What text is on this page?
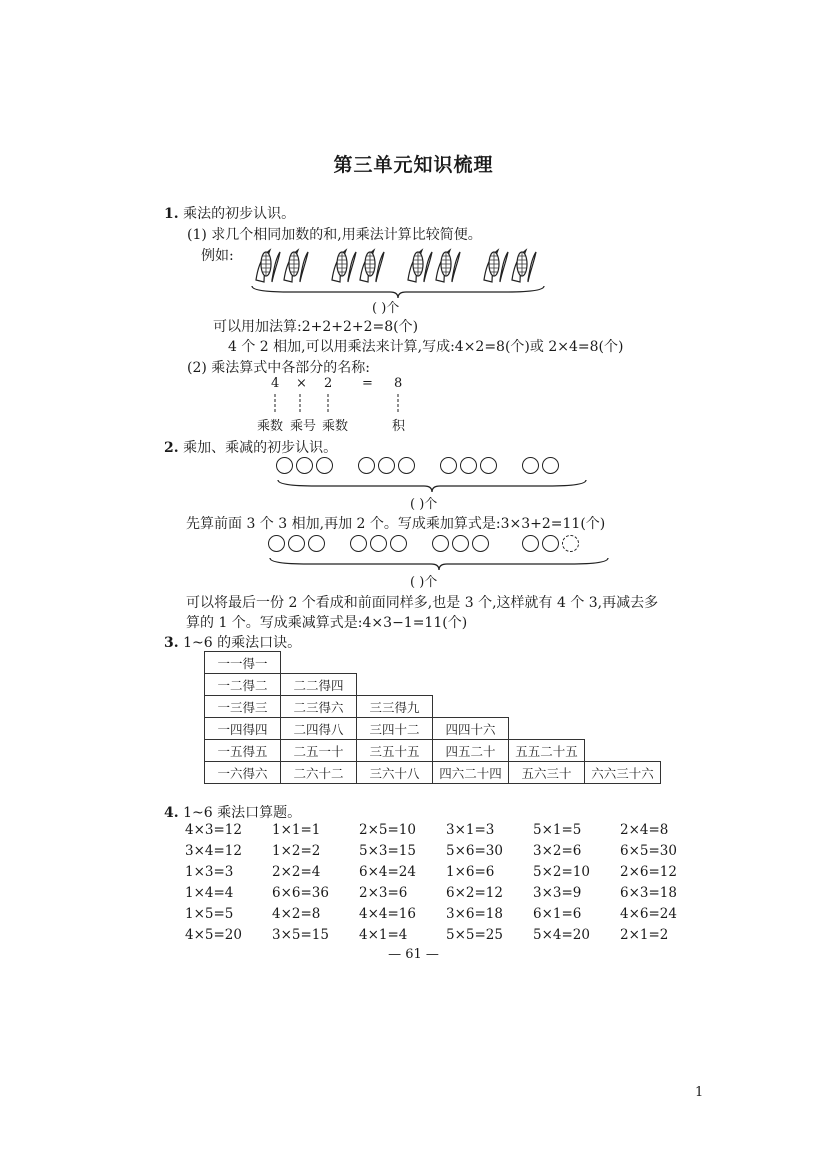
第三单元知识梳理
1. 乘法的初步认识。
(1) 求几个相同加数的和,用乘法计算比较简便。
例如:
( )个
可以用加法算:2+2+2+2=8(个)
4 个 2 相加,可以用乘法来计算,写成:4×2=8(个)或 2×4=8(个)
(2) 乘法算式中各部分的名称:
4 × 2 = 8
乘数 乘号 乘数	积
2. 乘加、乘减的初步认识。
( )个
先算前面 3 个 3 相加,再加 2 个。写成乘加算式是:3×3+2=11(个)
( )个
可以将最后一份 2 个看成和前面同样多,也是 3 个,这样就有 4 个 3,再减去多
算的 1 个。写成乘减算式是:4×3−1=11(个)
3. 1~6 的乘法口诀。
一一得一					
一二得二	二二得四				
一三得三	二三得六	三三得九			
一四得四	二四得八	三四十二	四四十六		
一五得五	二五一十	三五十五	四五二十	五五二十五	
一六得六	二六十二	三六十八	四六二十四	五六三十	六六三十六
4. 1~6 乘法口算题。
4×3=12	1×1=1	2×5=10	3×1=3	5×1=5	2×4=8
3×4=12	1×2=2	5×3=15	5×6=30	3×2=6	6×5=30
1×3=3	2×2=4	6×4=24	1×6=6	5×2=10	2×6=12
1×4=4	6×6=36	2×3=6	6×2=12	3×3=9	6×3=18
1×5=5	4×2=8	4×4=16	3×6=18	6×1=6	4×6=24
4×5=20	3×5=15	4×1=4	5×5=25	5×4=20	2×1=2
— 61 —
1
